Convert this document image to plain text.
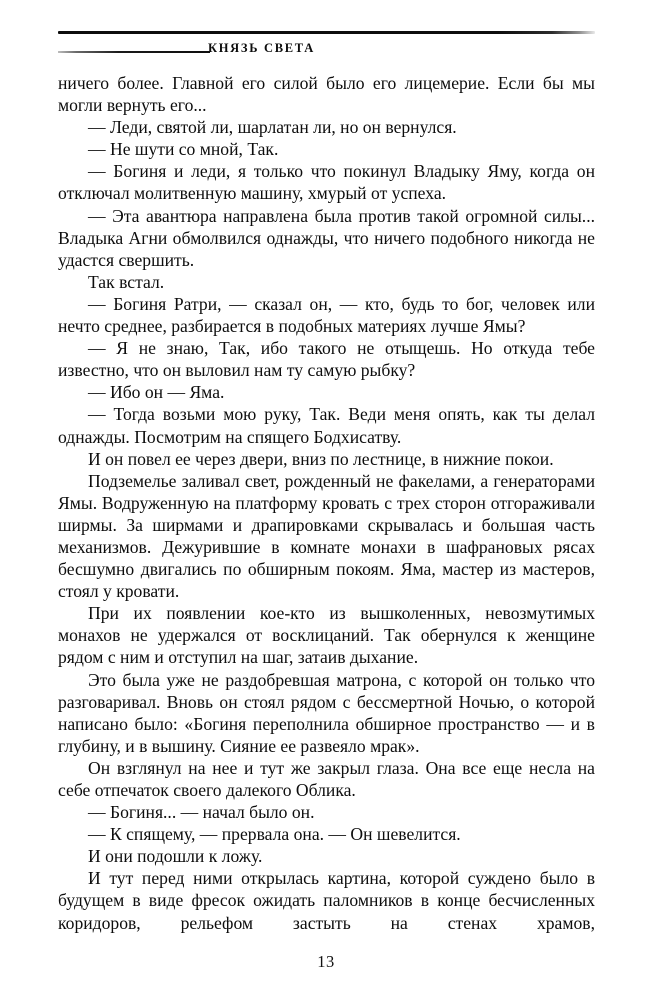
КНЯЗЬ СВЕТА

ничего более. Главной его силой было его лицемерие. Если бы мы могли вернуть его...

— Леди, святой ли, шарлатан ли, но он вернулся.

— Не шути со мной, Так.

— Богиня и леди, я только что покинул Владыку Яму, когда он отключал молитвенную машину, хмурый от успеха.

— Эта авантюра направлена была против такой огромной силы... Владыка Агни обмолвился однажды, что ничего подобного никогда не удастся свершить.

Так встал.

— Богиня Ратри, — сказал он, — кто, будь то бог, человек или нечто среднее, разбирается в подобных материях лучше Ямы?

— Я не знаю, Так, ибо такого не отыщешь. Но откуда тебе известно, что он выловил нам ту самую рыбку?

— Ибо он — Яма.

— Тогда возьми мою руку, Так. Веди меня опять, как ты делал однажды. Посмотрим на спящего Бодхисатву.

И он повел ее через двери, вниз по лестнице, в нижние покои.

Подземелье заливал свет, рожденный не факелами, а генераторами Ямы. Водруженную на платформу кровать с трех сторон отгораживали ширмы. За ширмами и драпировками скрывалась и большая часть механизмов. Дежурившие в комнате монахи в шафрановых рясах бесшумно двигались по обширным покоям. Яма, мастер из мастеров, стоял у кровати.

При их появлении кое-кто из вышколенных, невозмутимых монахов не удержался от восклицаний. Так обернулся к женщине рядом с ним и отступил на шаг, затаив дыхание.

Это была уже не раздобревшая матрона, с которой он только что разговаривал. Вновь он стоял рядом с бессмертной Ночью, о которой написано было: «Богиня переполнила обширное пространство — и в глубину, и в вышину. Сияние ее развеяло мрак».

Он взглянул на нее и тут же закрыл глаза. Она все еще несла на себе отпечаток своего далекого Облика.

— Богиня... — начал было он.

— К спящему, — прервала она. — Он шевелится.

И они подошли к ложу.

И тут перед ними открылась картина, которой суждено было в будущем в виде фресок ожидать паломников в конце бесчисленных коридоров, рельефом застыть на стенах храмов,

13
